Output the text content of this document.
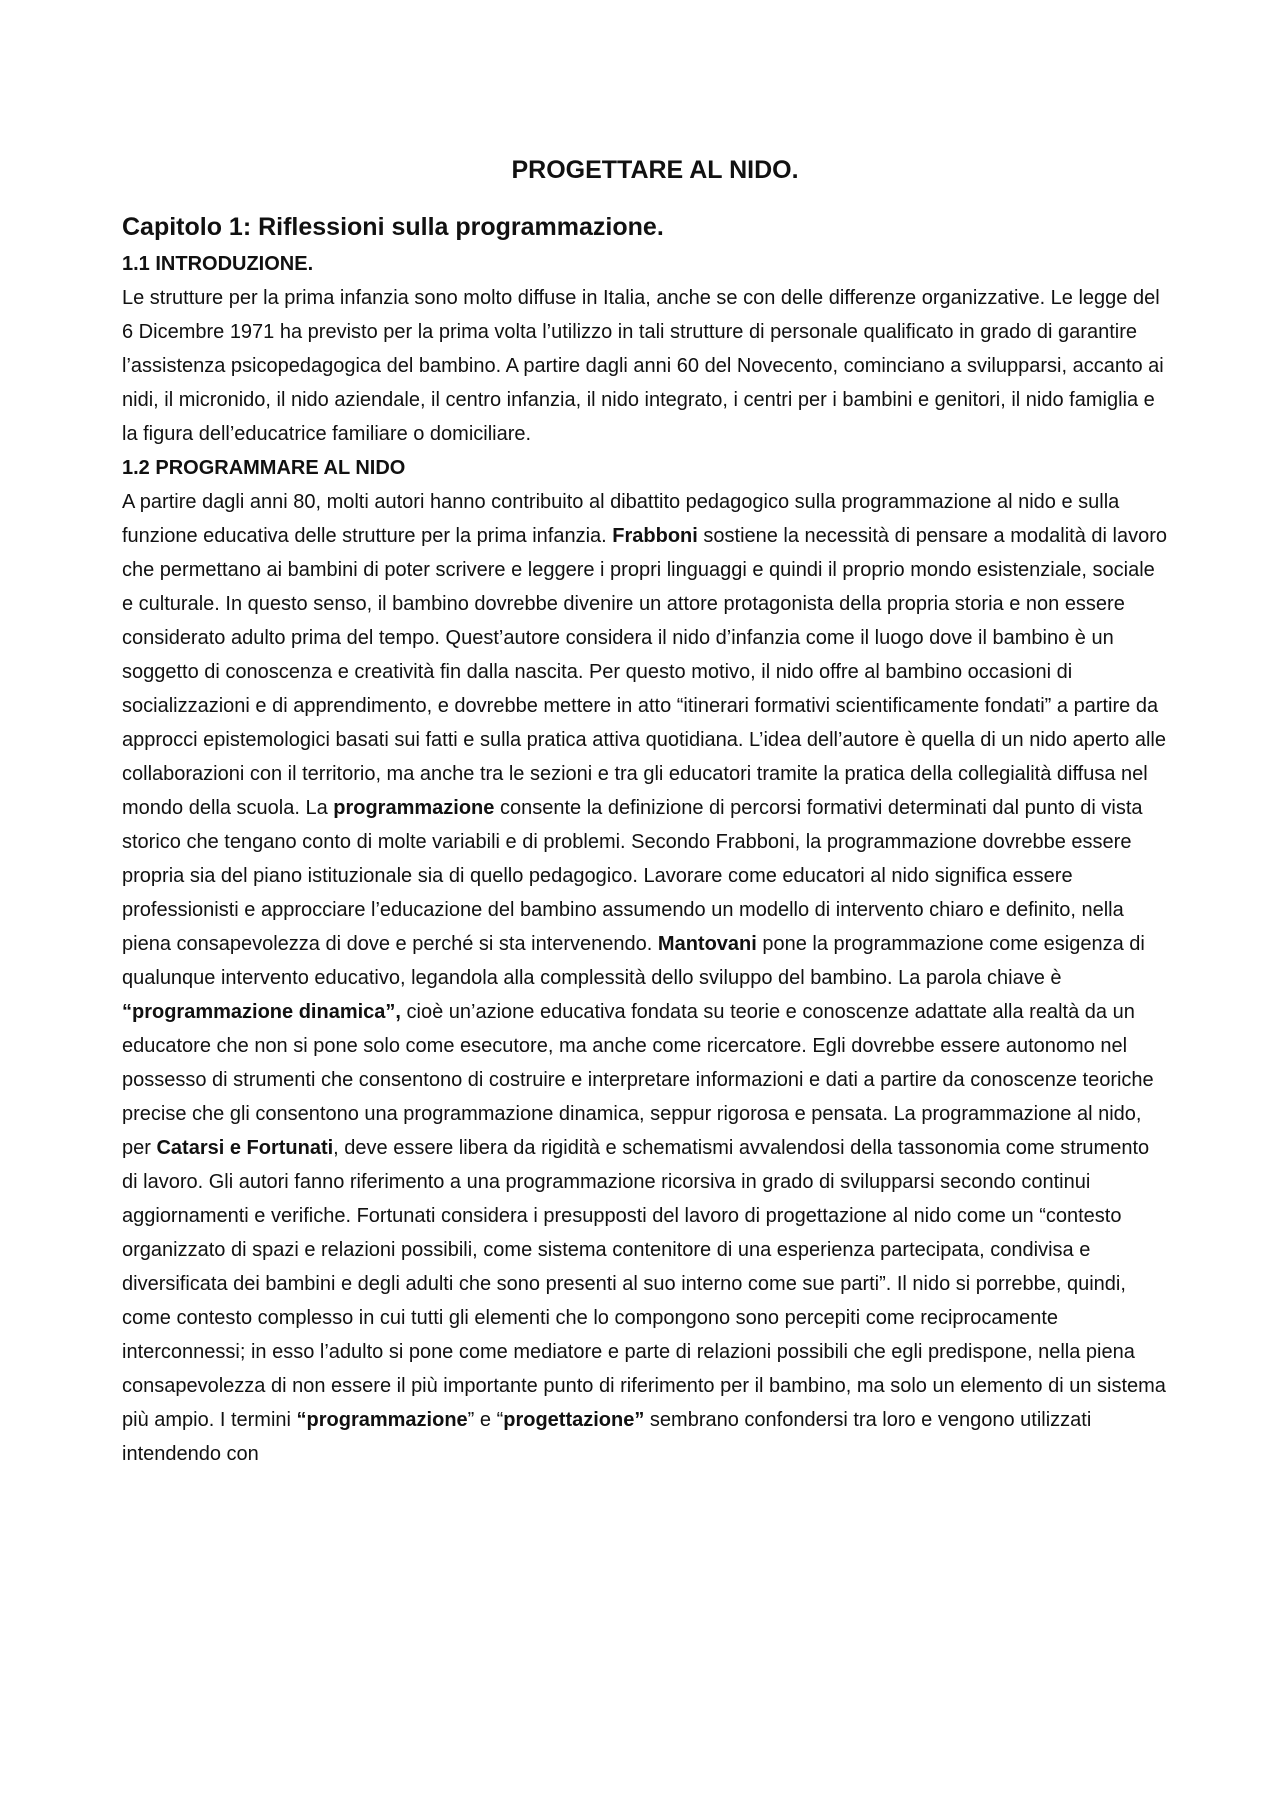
PROGETTARE AL NIDO.
Capitolo 1: Riflessioni sulla programmazione.
1.1 INTRODUZIONE.

Le strutture per la prima infanzia sono molto diffuse in Italia, anche se con delle differenze organizzative. Le legge del 6 Dicembre 1971 ha previsto per la prima volta l’utilizzo in tali strutture di personale qualificato in grado di garantire l’assistenza psicopedagogica del bambino. A partire dagli anni 60 del Novecento, cominciano a svilupparsi, accanto ai nidi, il micronido, il nido aziendale, il centro infanzia, il nido integrato, i centri per i bambini e genitori, il nido famiglia e la figura dell’educatrice familiare o domiciliare.

1.2 PROGRAMMARE AL NIDO

A partire dagli anni 80, molti autori hanno contribuito al dibattito pedagogico sulla programmazione al nido e sulla funzione educativa delle strutture per la prima infanzia. Frabboni sostiene la necessità di pensare a modalità di lavoro che permettano ai bambini di poter scrivere e leggere i propri linguaggi e quindi il proprio mondo esistenziale, sociale e culturale. In questo senso, il bambino dovrebbe divenire un attore protagonista della propria storia e non essere considerato adulto prima del tempo. Quest’autore considera il nido d’infanzia come il luogo dove il bambino è un soggetto di conoscenza e creatività fin dalla nascita. Per questo motivo, il nido offre al bambino occasioni di socializzazioni e di apprendimento, e dovrebbe mettere in atto “itinerari formativi scientificamente fondati” a partire da approcci epistemologici basati sui fatti e sulla pratica attiva quotidiana. L’idea dell’autore è quella di un nido aperto alle collaborazioni con il territorio, ma anche tra le sezioni e tra gli educatori tramite la pratica della collegialità diffusa nel mondo della scuola. La programmazione consente la definizione di percorsi formativi determinati dal punto di vista storico che tengano conto di molte variabili e di problemi. Secondo Frabboni, la programmazione dovrebbe essere propria sia del piano istituzionale sia di quello pedagogico. Lavorare come educatori al nido significa essere professionisti e approcciare l’educazione del bambino assumendo un modello di intervento chiaro e definito, nella piena consapevolezza di dove e perché si sta intervenendo. Mantovani pone la programmazione come esigenza di qualunque intervento educativo, legandola alla complessità dello sviluppo del bambino. La parola chiave è “programmazione dinamica”, cioè un’azione educativa fondata su teorie e conoscenze adattate alla realtà da un educatore che non si pone solo come esecutore, ma anche come ricercatore. Egli dovrebbe essere autonomo nel possesso di strumenti che consentono di costruire e interpretare informazioni e dati a partire da conoscenze teoriche precise che gli consentono una programmazione dinamica, seppur rigorosa e pensata. La programmazione al nido, per Catarsi e Fortunati, deve essere libera da rigidità e schematismi avvalendosi della tassonomia come strumento di lavoro. Gli autori fanno riferimento a una programmazione ricorsiva in grado di svilupparsi secondo continui aggiornamenti e verifiche. Fortunati considera i presupposti del lavoro di progettazione al nido come un “contesto organizzato di spazi e relazioni possibili, come sistema contenitore di una esperienza partecipata, condivisa e diversificata dei bambini e degli adulti che sono presenti al suo interno come sue parti”. Il nido si porrebbe, quindi, come contesto complesso in cui tutti gli elementi che lo compongono sono percepiti come reciprocamente interconnessi; in esso l’adulto si pone come mediatore e parte di relazioni possibili che egli predispone, nella piena consapevolezza di non essere il più importante punto di riferimento per il bambino, ma solo un elemento di un sistema più ampio. I termini “programmazione” e “progettazione” sembrano confondersi tra loro e vengono utilizzati intendendo con
